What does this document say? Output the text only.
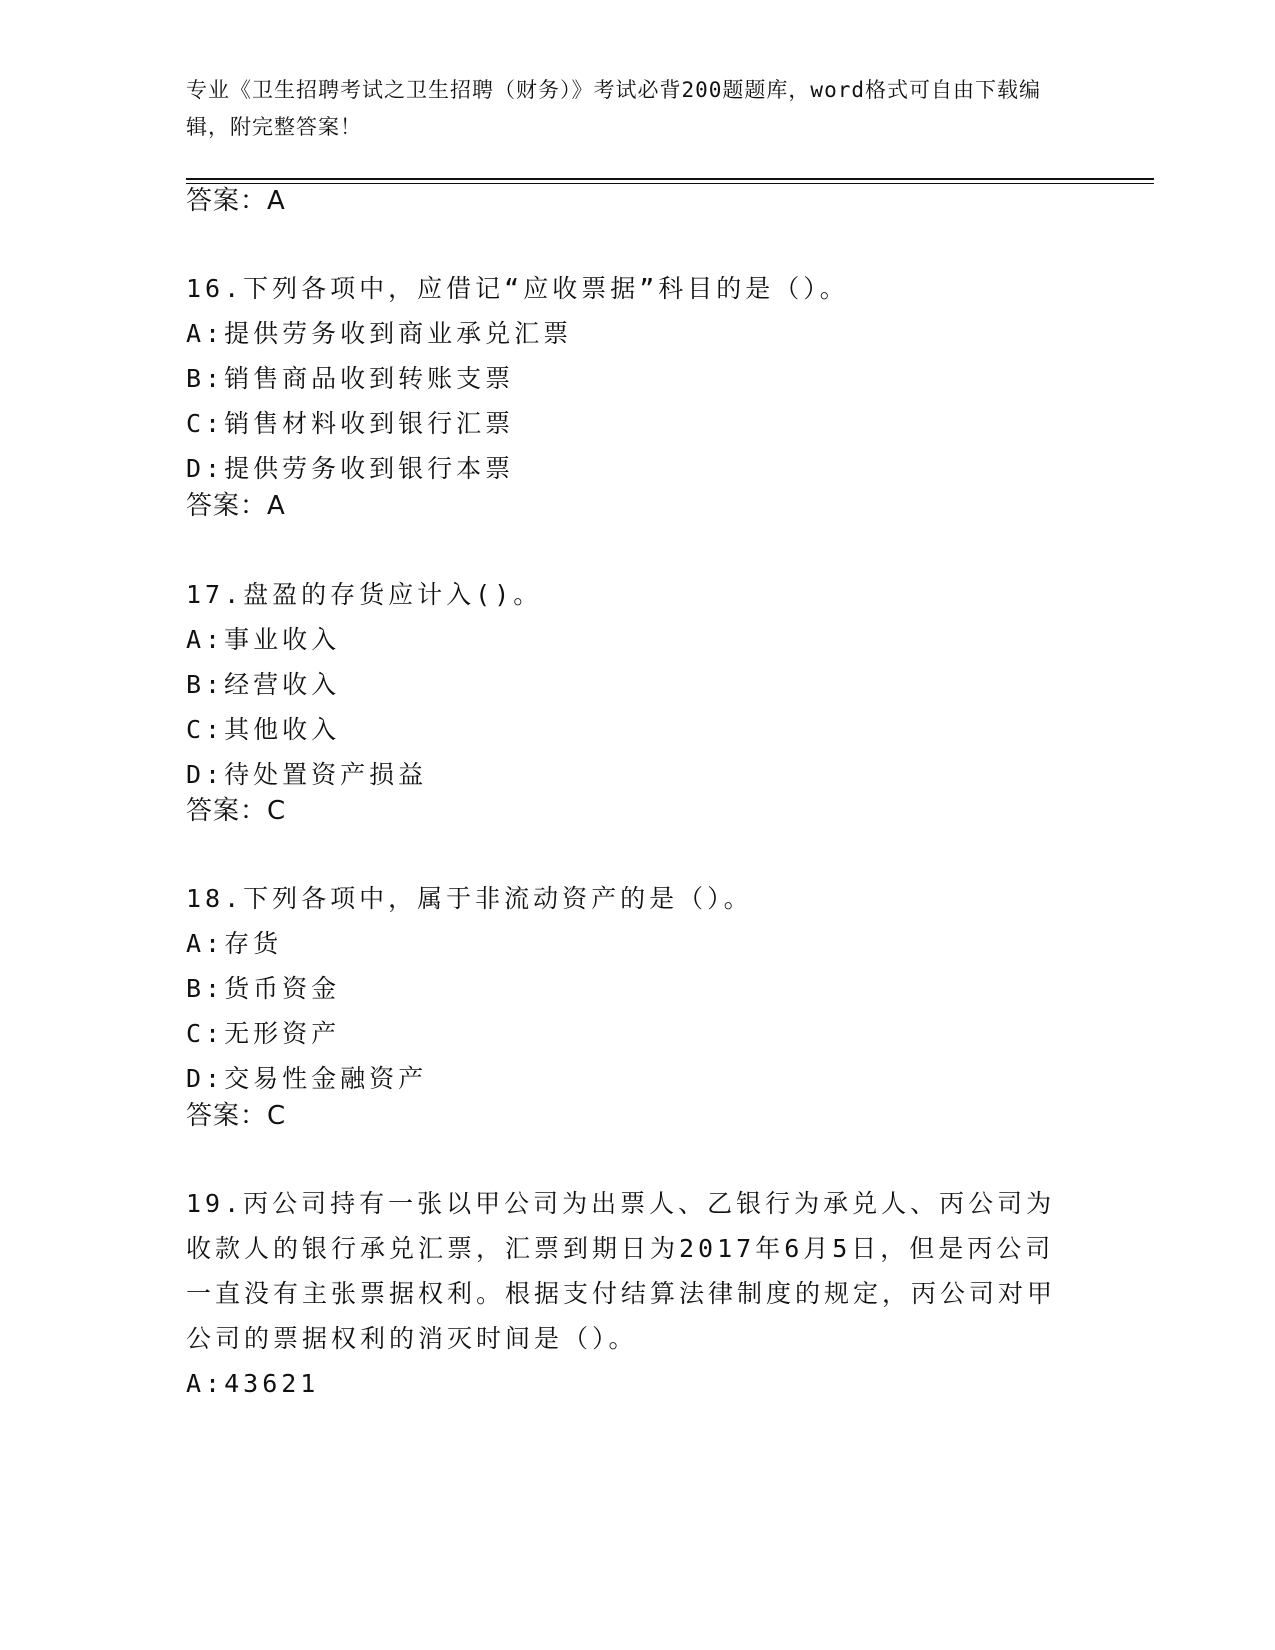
专业《卫生招聘考试之卫生招聘（财务）》考试必背200题题库，word格式可自由下载编辑，附完整答案！
答案：A
16.下列各项中，应借记“应收票据”科目的是（）。
A:提供劳务收到商业承兑汇票
B:销售商品收到转账支票
C:销售材料收到银行汇票
D:提供劳务收到银行本票
答案：A
17.盘盈的存货应计入()。
A:事业收入
B:经营收入
C:其他收入
D:待处置资产损益
答案：C
18.下列各项中，属于非流动资产的是（）。
A:存货
B:货币资金
C:无形资产
D:交易性金融资产
答案：C
19.丙公司持有一张以甲公司为出票人、乙银行为承兑人、丙公司为收款人的银行承兑汇票，汇票到期日为2017年6月5日，但是丙公司一直没有主张票据权利。根据支付结算法律制度的规定，丙公司对甲公司的票据权利的消灭时间是（）。
A:43621
